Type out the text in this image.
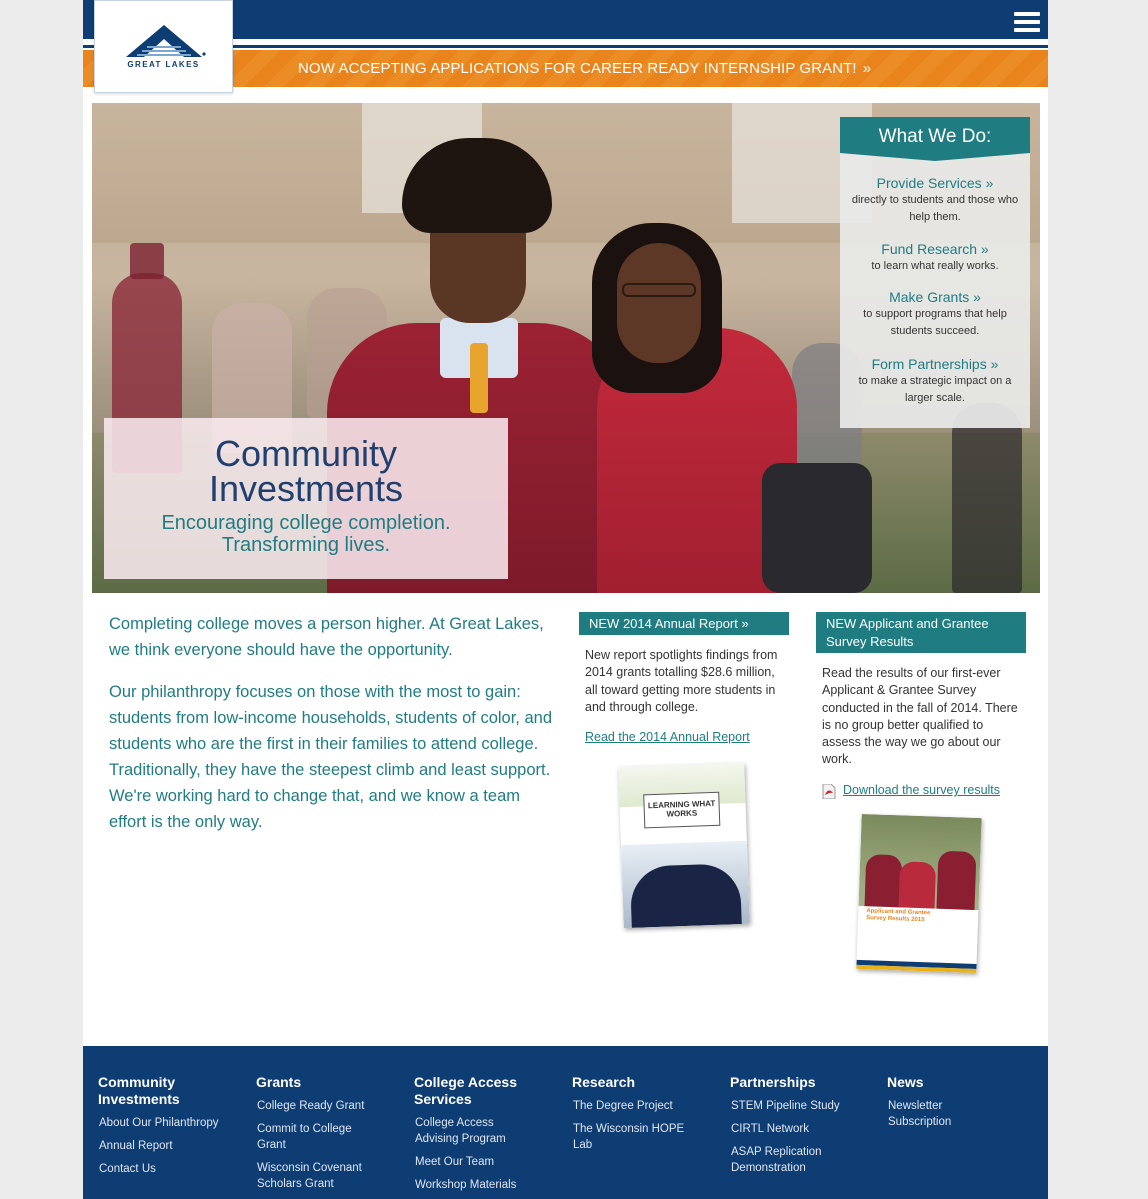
NOW ACCEPTING APPLICATIONS FOR CAREER READY INTERNSHIP GRANT! »
GREAT LAKES
Community
Investments
Encouraging college completion.
Transforming lives.
What We Do:
Provide Services »
directly to students and those who help them.
Fund Research »
to learn what really works.
Make Grants »
to support programs that help students succeed.
Form Partnerships »
to make a strategic impact on a larger scale.

Completing college moves a person higher. At Great Lakes, we think everyone should have the opportunity.

Our philanthropy focuses on those with the most to gain: students from low-income households, students of color, and students who are the first in their families to attend college. Traditionally, they have the steepest climb and least support. We're working hard to change that, and we know a team effort is the only way.

NEW 2014 Annual Report »
New report spotlights findings from 2014 grants totalling $28.6 million, all toward getting more students in and through college.
Read the 2014 Annual Report
LEARNING WHAT WORKS
NEW Applicant and Grantee Survey Results
Read the results of our first-ever Applicant & Grantee Survey conducted in the fall of 2014. There is no group better qualified to assess the way we go about our work.
Download the survey results
Applicant and Grantee Survey Results 2015
Community Investments
About Our Philanthropy
Annual Report
Contact Us
Grants
College Ready Grant
Commit to College Grant
Wisconsin Covenant Scholars Grant
College Access Services
College Access Advising Program
Meet Our Team
Workshop Materials
Research
The Degree Project
The Wisconsin HOPE Lab
Partnerships
STEM Pipeline Study
CIRTL Network
ASAP Replication Demonstration
News
Newsletter Subscription
